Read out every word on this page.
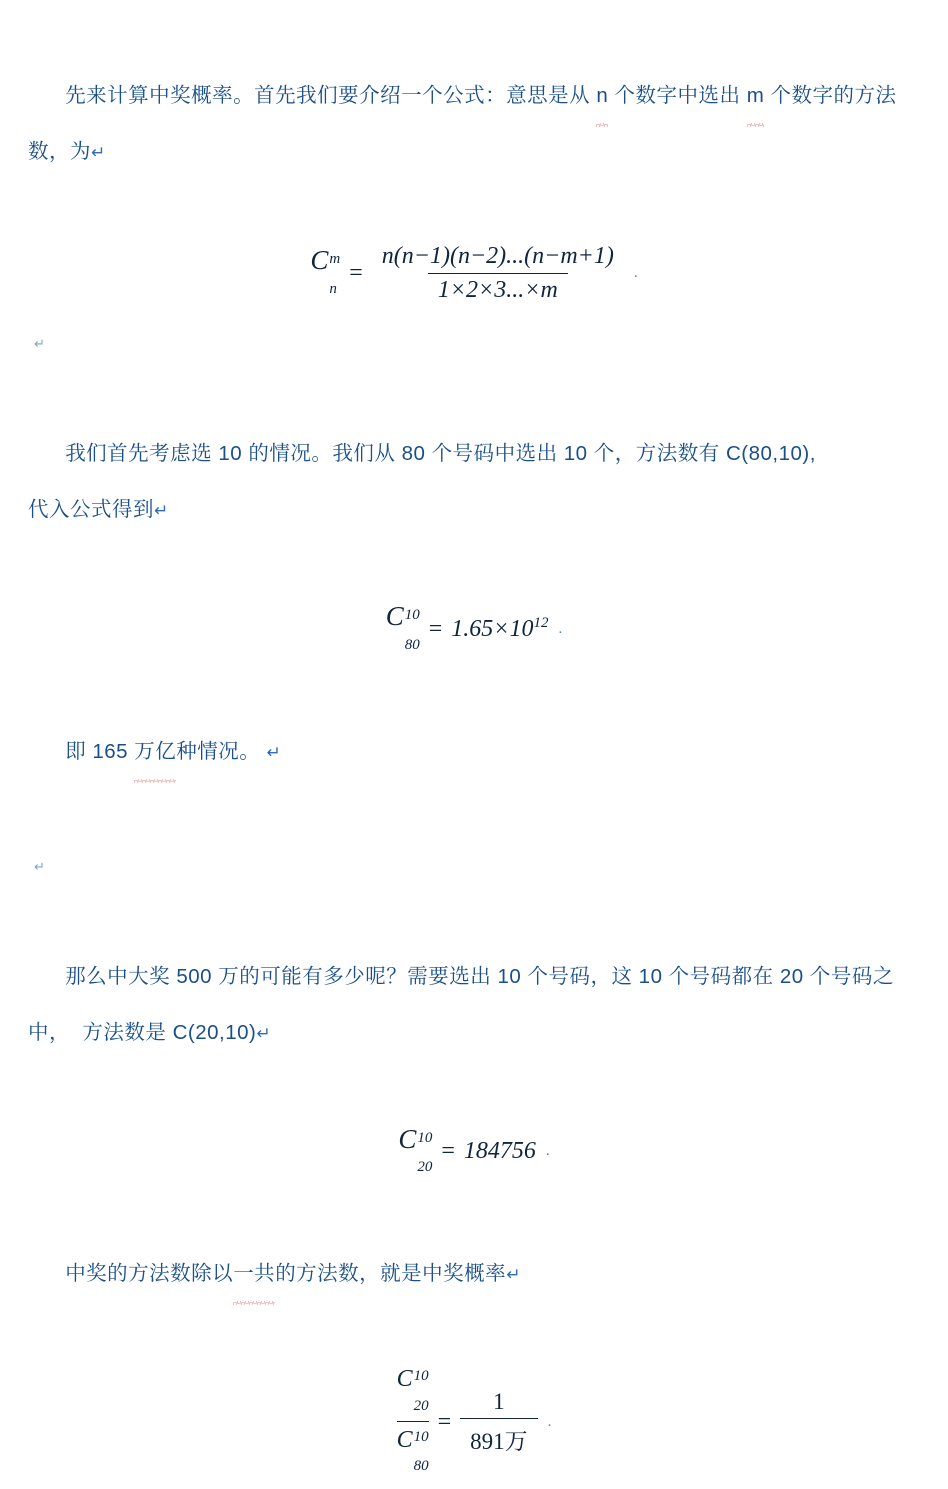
先来计算中奖概率。首先我们要介绍一个公式：意思是从 n 个数字中选出 m 个数字的方法数，为↵

C m
n
= $\frac{n(n-1)(n-2)...(n-m+1)}{1\times 2\times 3...\times m}$ .
↵

我们首先考虑选 10 的情况。我们从 80 个号码中选出 10 个，方法数有 C(80,10),
代入公式得到↵

C 10
80
= $1.65\times 10^{12}$ .

即 165 万亿种情况。 ↵

↵

那么中大奖 500 万的可能有多少呢？需要选出 10 个号码，这 10 个号码都在 20 个号码之中，  方法数是 C(20,10)↵

C 10
20
= 184756 .

中奖的方法数除以一共的方法数，就是中奖概率↵

C 10
20
C 10
80 =
1
891万
.
